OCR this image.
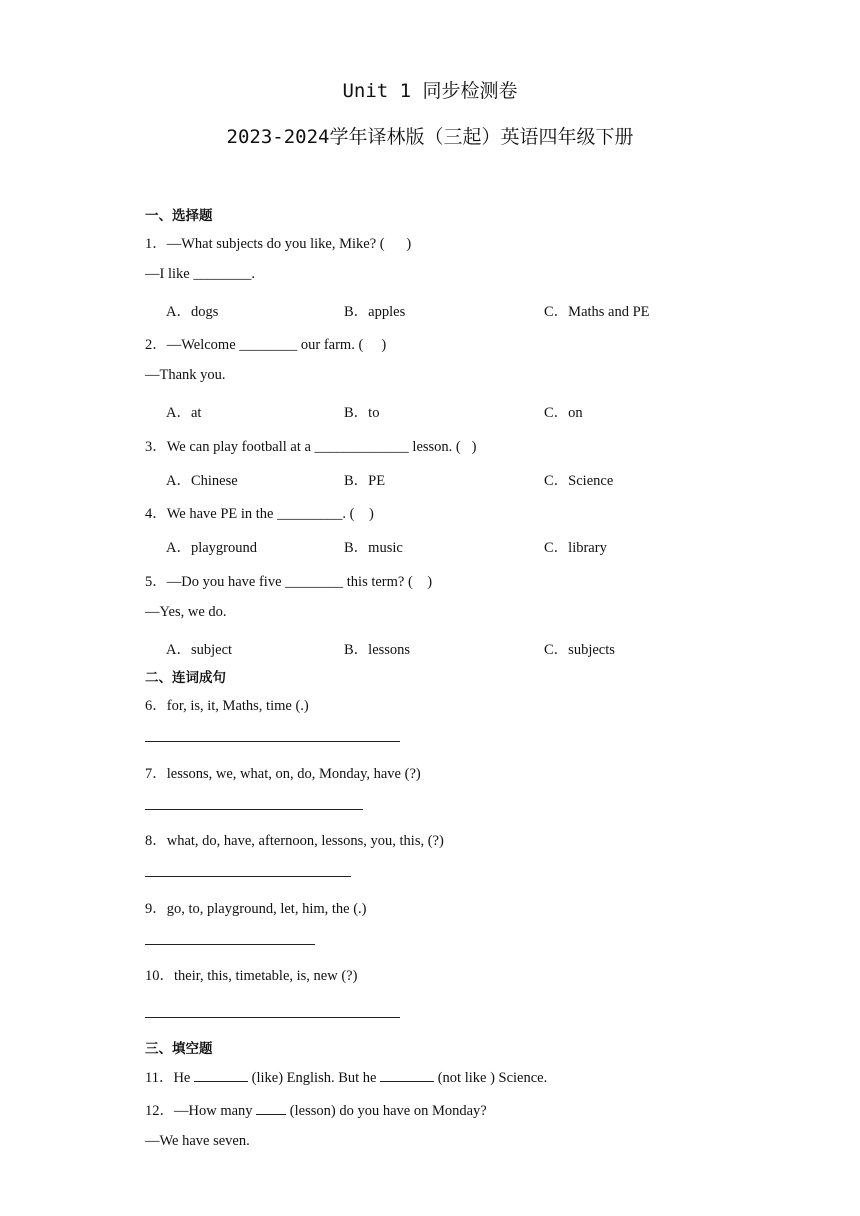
Unit 1 同步检测卷
2023-2024学年译林版（三起）英语四年级下册
一、选择题
1．—What subjects do you like, Mike? (      )
—I like ________.
A．dogs	B．apples	C．Maths and PE
2．—Welcome ________ our farm. (     )
—Thank you.
A．at	B．to	C．on
3．We can play football at a _____________ lesson. (   )
A．Chinese	B．PE	C．Science
4．We have PE in the _________. (    )
A．playground	B．music	C．library
5．—Do you have five ________ this term? (    )
—Yes, we do.
A．subject	B．lessons	C．subjects
二、连词成句
6．for, is, it, Maths, time (.)
7．lessons, we, what, on, do, Monday, have (?)
8．what, do, have, afternoon, lessons, you, this, (?)
9．go, to, playground, let, him, the (.)
10．their, this, timetable, is, new (?)
三、填空题
11．He	(like) English. But he	(not like ) Science.
12．—How many  (lesson) do you have on Monday?
—We have seven.
